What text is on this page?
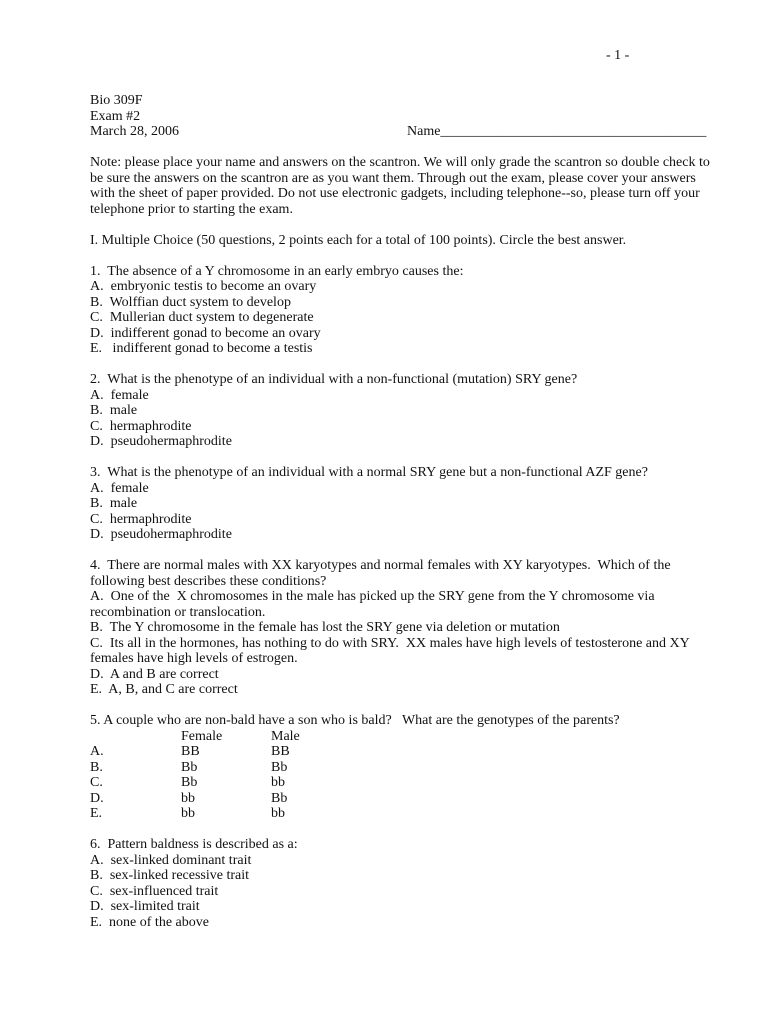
- 1 -
Bio 309F
Exam #2
March 28, 2006	Name______________________________________

Note: please place your name and answers on the scantron. We will only grade the scantron so double check to be sure the answers on the scantron are as you want them. Through out the exam, please cover your answers with the sheet of paper provided. Do not use electronic gadgets, including telephone--so, please turn off your telephone prior to starting the exam.

I. Multiple Choice (50 questions, 2 points each for a total of 100 points). Circle the best answer.

1.  The absence of a Y chromosome in an early embryo causes the:
A.  embryonic testis to become an ovary
B.  Wolffian duct system to develop
C.  Mullerian duct system to degenerate
D.  indifferent gonad to become an ovary
E.   indifferent gonad to become a testis
2.  What is the phenotype of an individual with a non-functional (mutation) SRY gene?
A.  female
B.  male
C.  hermaphrodite
D.  pseudohermaphrodite
3.  What is the phenotype of an individual with a normal SRY gene but a non-functional AZF gene?
A.  female
B.  male
C.  hermaphrodite
D.  pseudohermaphrodite
4.  There are normal males with XX karyotypes and normal females with XY karyotypes.  Which of the following best describes these conditions?
A.  One of the  X chromosomes in the male has picked up the SRY gene from the Y chromosome via recombination or translocation.
B.  The Y chromosome in the female has lost the SRY gene via deletion or mutation
C.  Its all in the hormones, has nothing to do with SRY.  XX males have high levels of testosterone and XY females have high levels of estrogen.
D.  A and B are correct
E.  A, B, and C are correct
5. A couple who are non-bald have a son who is bald?   What are the genotypes of the parents?
	Female	Male
A.	BB	BB
B.	Bb	Bb
C.	Bb	bb
D.	bb	Bb
E.	bb	bb
6.  Pattern baldness is described as a:
A.  sex-linked dominant trait
B.  sex-linked recessive trait
C.  sex-influenced trait
D.  sex-limited trait
E.  none of the above
